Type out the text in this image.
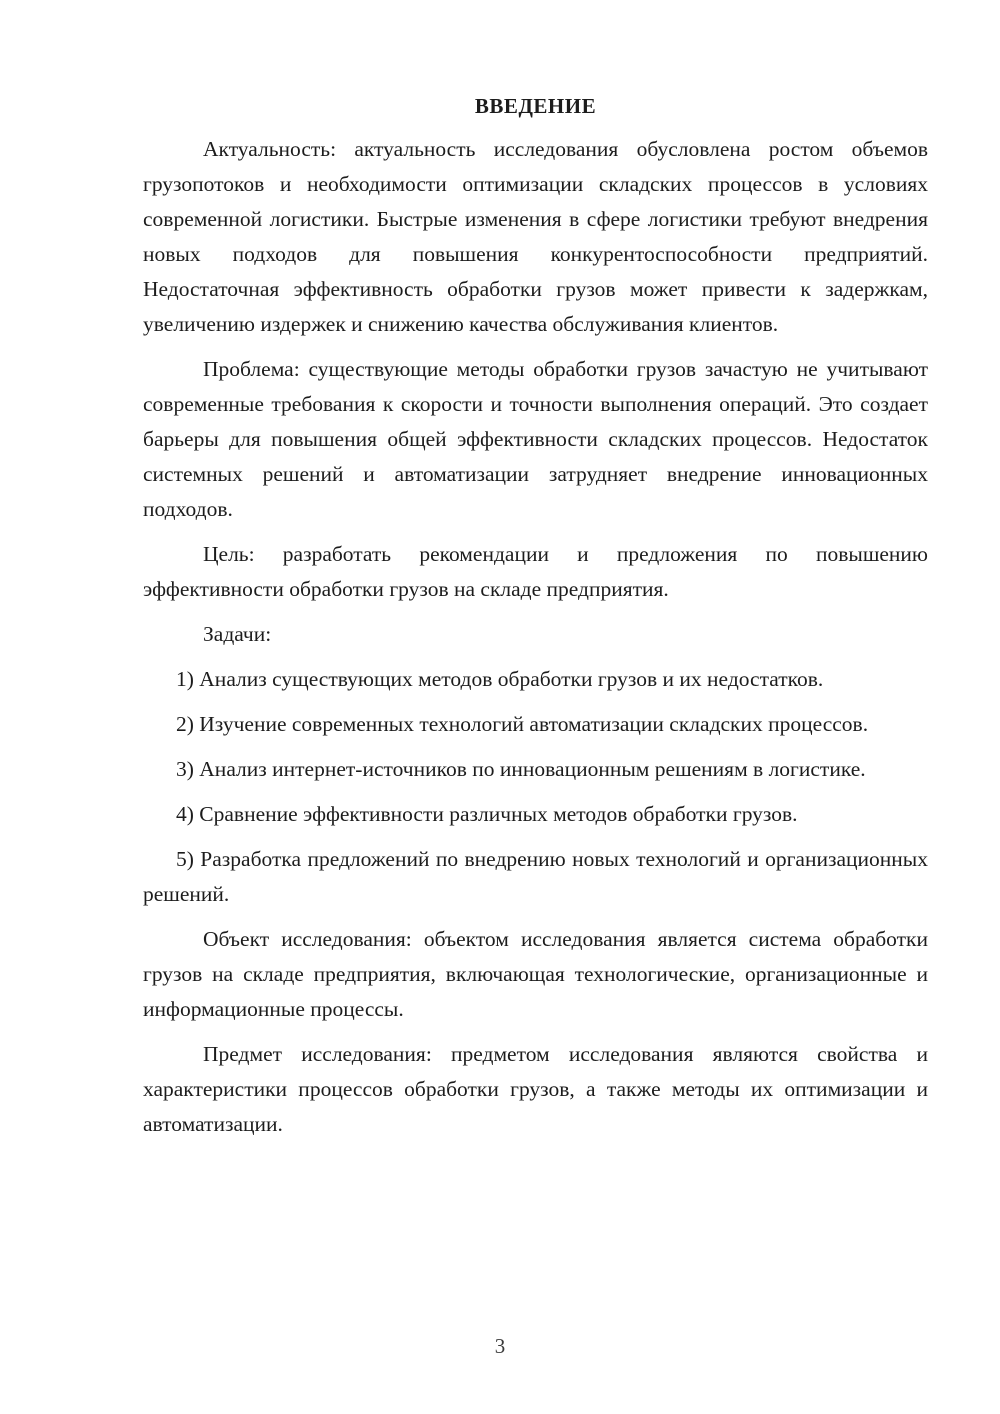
ВВЕДЕНИЕ

Актуальность: актуальность исследования обусловлена ростом объемов грузопотоков и необходимости оптимизации складских процессов в условиях современной логистики. Быстрые изменения в сфере логистики требуют внедрения новых подходов для повышения конкурентоспособности предприятий. Недостаточная эффективность обработки грузов может привести к задержкам, увеличению издержек и снижению качества обслуживания клиентов.

Проблема: существующие методы обработки грузов зачастую не учитывают современные требования к скорости и точности выполнения операций. Это создает барьеры для повышения общей эффективности складских процессов. Недостаток системных решений и автоматизации затрудняет внедрение инновационных подходов.

Цель: разработать рекомендации и предложения по повышению эффективности обработки грузов на складе предприятия.

Задачи:

1) Анализ существующих методов обработки грузов и их недостатков.

2) Изучение современных технологий автоматизации складских процессов.

3) Анализ интернет-источников по инновационным решениям в логистике.

4) Сравнение эффективности различных методов обработки грузов.

5) Разработка предложений по внедрению новых технологий и организационных решений.

Объект исследования: объектом исследования является система обработки грузов на складе предприятия, включающая технологические, организационные и информационные процессы.

Предмет исследования: предметом исследования являются свойства и характеристики процессов обработки грузов, а также методы их оптимизации и автоматизации.

3
